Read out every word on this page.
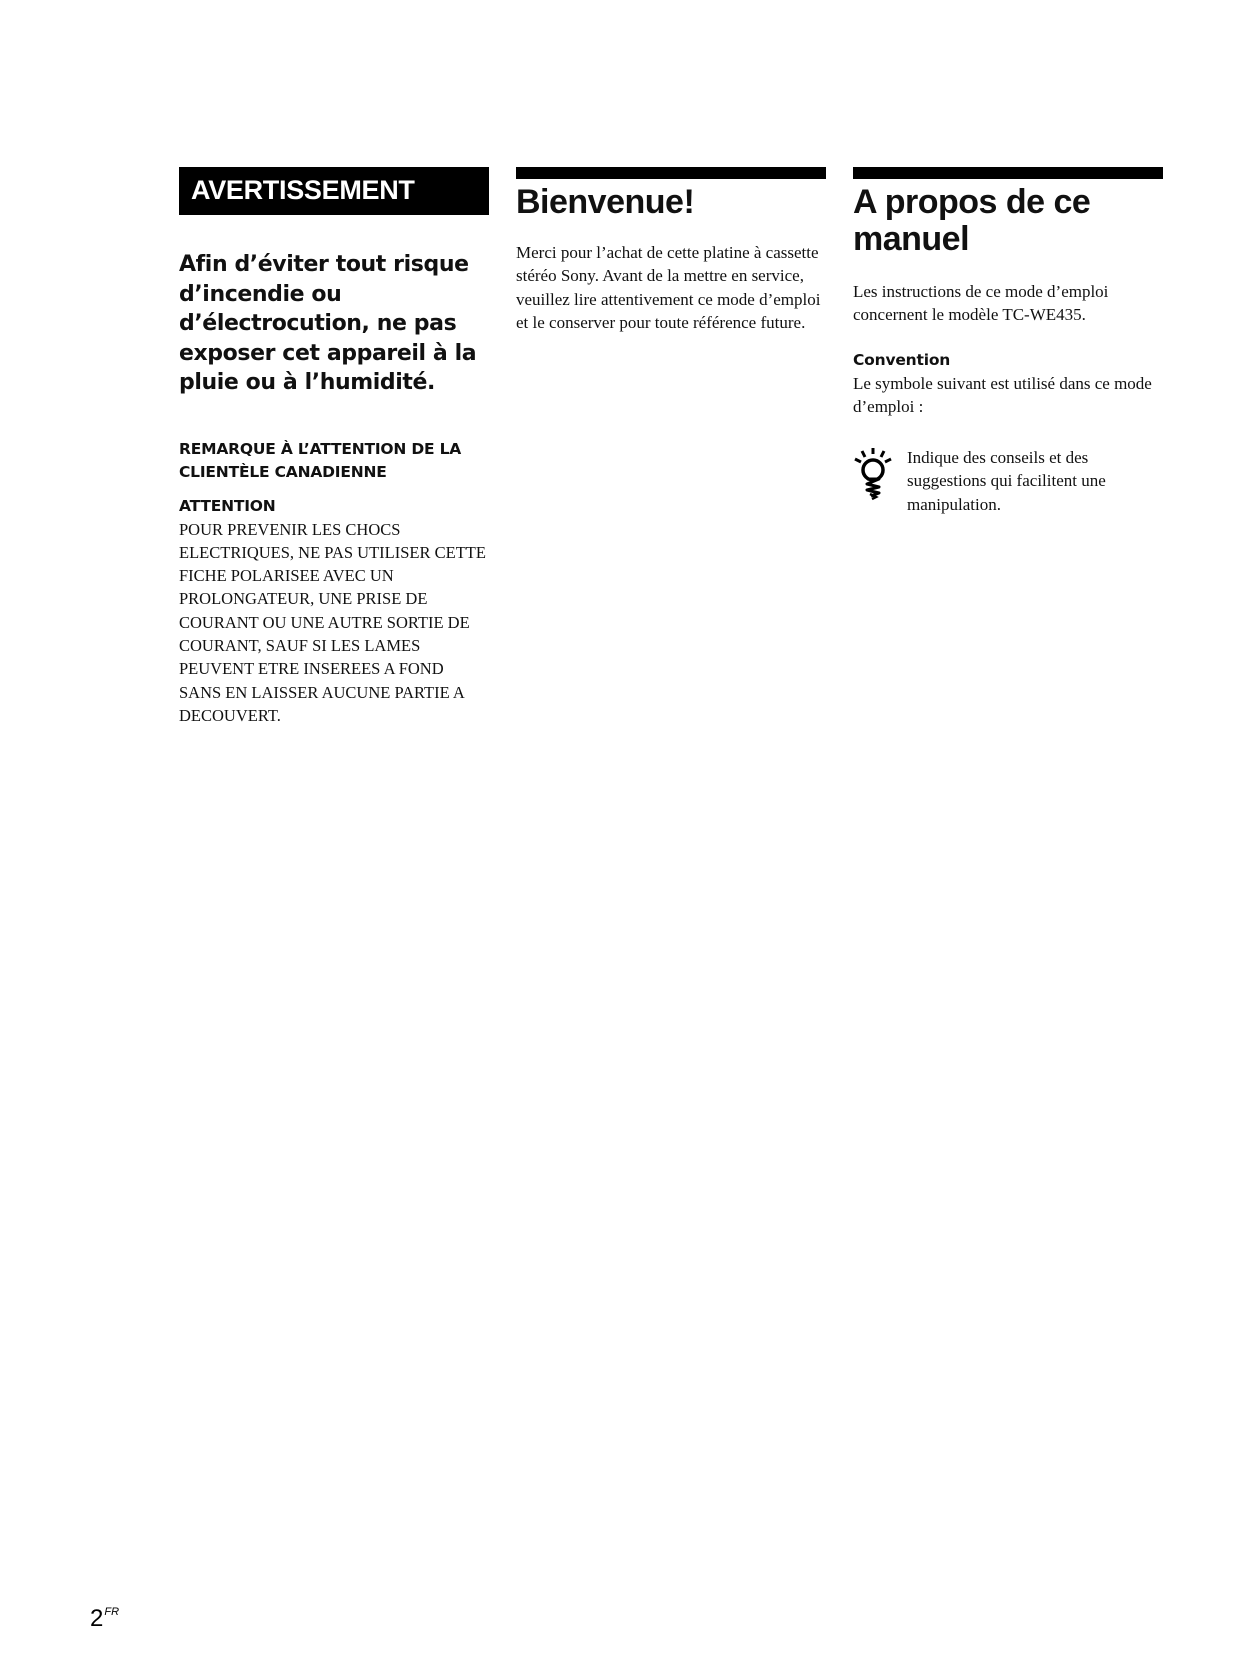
AVERTISSEMENT
Afin d’éviter tout risque d’incendie ou d’électrocution, ne pas exposer cet appareil à la pluie ou à l’humidité.
REMARQUE À L’ATTENTION DE LA CLIENTÈLE CANADIENNE
ATTENTION
POUR PREVENIR LES CHOCS ELECTRIQUES, NE PAS UTILISER CETTE FICHE POLARISEE AVEC UN PROLONGATEUR, UNE PRISE DE COURANT OU UNE AUTRE SORTIE DE COURANT, SAUF SI LES LAMES PEUVENT ETRE INSEREES A FOND SANS EN LAISSER AUCUNE PARTIE A DECOUVERT.
Bienvenue!
Merci pour l’achat de cette platine à cassette stéréo Sony. Avant de la mettre en service, veuillez lire attentivement ce mode d’emploi et le conserver pour toute référence future.
A propos de ce manuel
Les instructions de ce mode d’emploi concernent le modèle TC-WE435.
Convention
Le symbole suivant est utilisé dans ce mode d’emploi :
Indique des conseils et des suggestions qui facilitent une manipulation.
$2^{FR}$
